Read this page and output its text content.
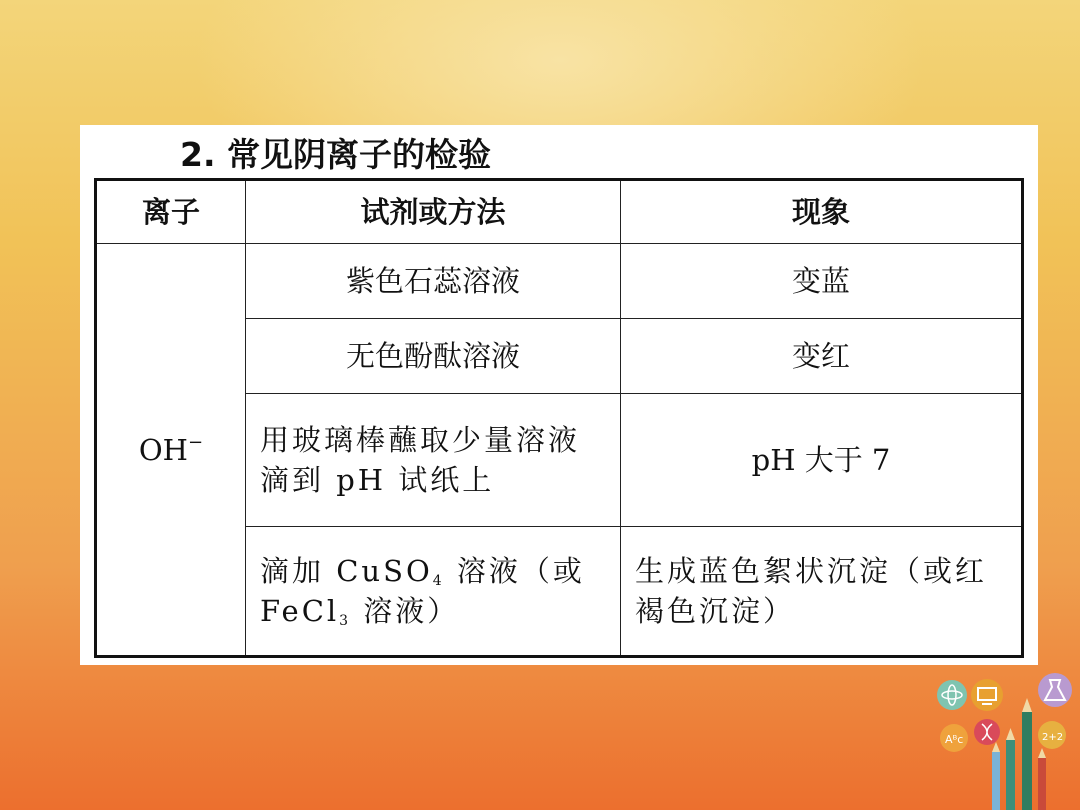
2. 常见阴离子的检验
离子	试剂或方法	现象
OH−	紫色石蕊溶液	变蓝
	无色酚酞溶液	变红
	用玻璃棒蘸取少量溶液滴到 pH 试纸上	pH 大于 7
	滴加 CuSO$_4$ 溶液（或 FeCl$_3$ 溶液）	生成蓝色絮状沉淀（或红褐色沉淀）
Aᴮc	2+2
